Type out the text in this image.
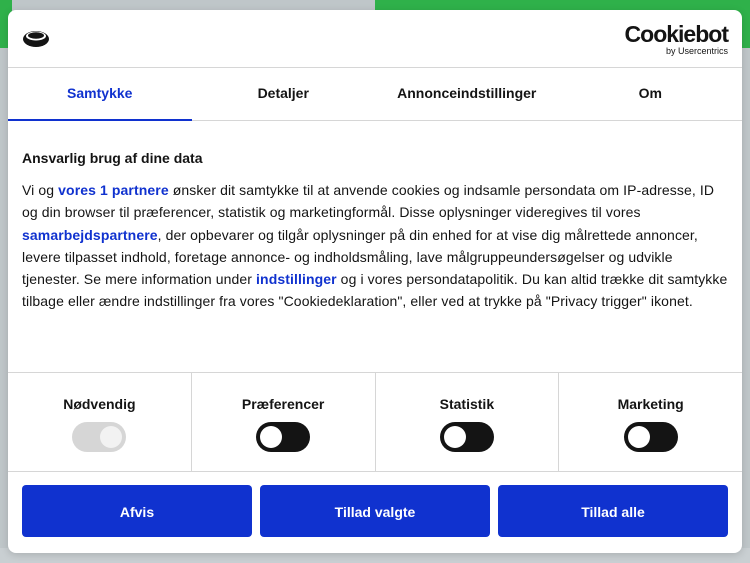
Cookiebot
by Usercentrics
Samtykke	Detaljer	Annonceindstillinger	Om
Ansvarlig brug af dine data

Vi og vores 1 partnere ønsker dit samtykke til at anvende cookies og indsamle persondata om IP-adresse, ID og din browser til præferencer, statistik og marketingformål. Disse oplysninger videregives til vores samarbejdspartnere, der opbevarer og tilgår oplysninger på din enhed for at vise dig målrettede annoncer, levere tilpasset indhold, foretage annonce- og indholdsmåling, lave målgruppeundersøgelser og udvikle tjenester. Se mere information under indstillinger og i vores persondatapolitik. Du kan altid trække dit samtykke tilbage eller ændre indstillinger fra vores "Cookiedeklaration", eller ved at trykke på "Privacy trigger" ikonet.

Nødvendig	Præferencer	Statistik	Marketing
Afvis	Tillad valgte	Tillad alle
